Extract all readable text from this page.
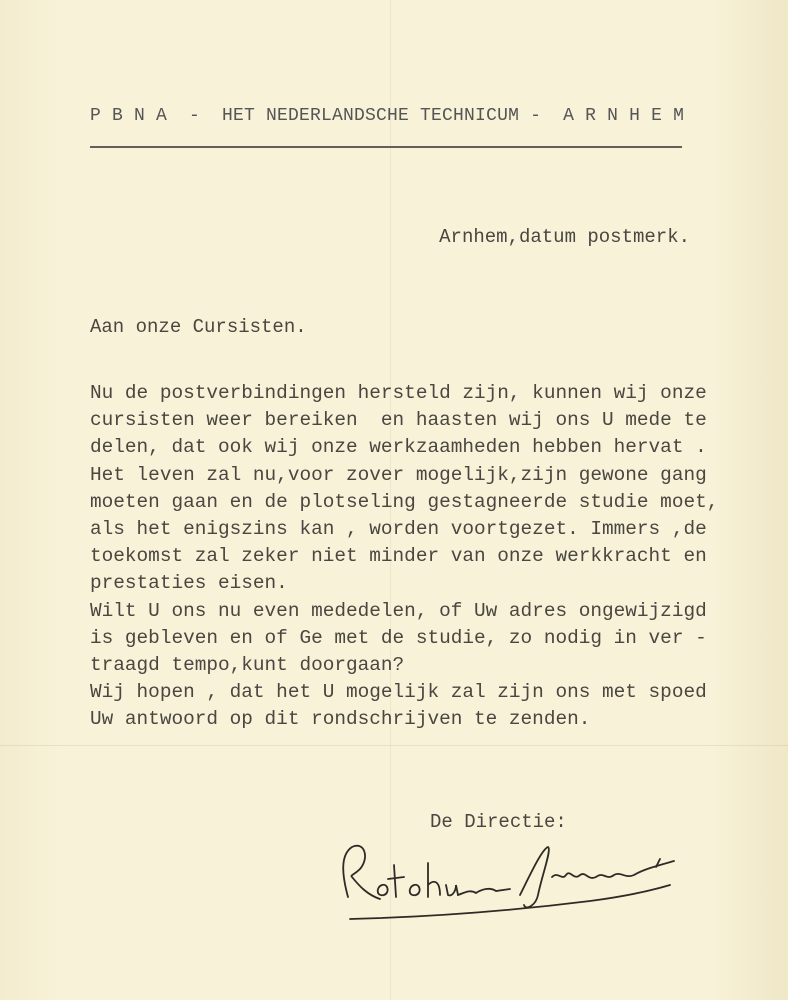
P B N A  -  HET NEDERLANDSCHE TECHNICUM -  A R N H E M
Arnhem,datum postmerk.
Aan onze Cursisten.
Nu de postverbindingen hersteld zijn, kunnen wij onze
cursisten weer bereiken  en haasten wij ons U mede te
delen, dat ook wij onze werkzaamheden hebben hervat .
Het leven zal nu,voor zover mogelijk,zijn gewone gang
moeten gaan en de plotseling gestagneerde studie moet,
als het enigszins kan , worden voortgezet. Immers ,de
toekomst zal zeker niet minder van onze werkkracht en
prestaties eisen.
Wilt U ons nu even mededelen, of Uw adres ongewijzigd
is gebleven en of Ge met de studie, zo nodig in ver -
traagd tempo,kunt doorgaan?
Wij hopen , dat het U mogelijk zal zijn ons met spoed
Uw antwoord op dit rondschrijven te zenden.
De Directie:
